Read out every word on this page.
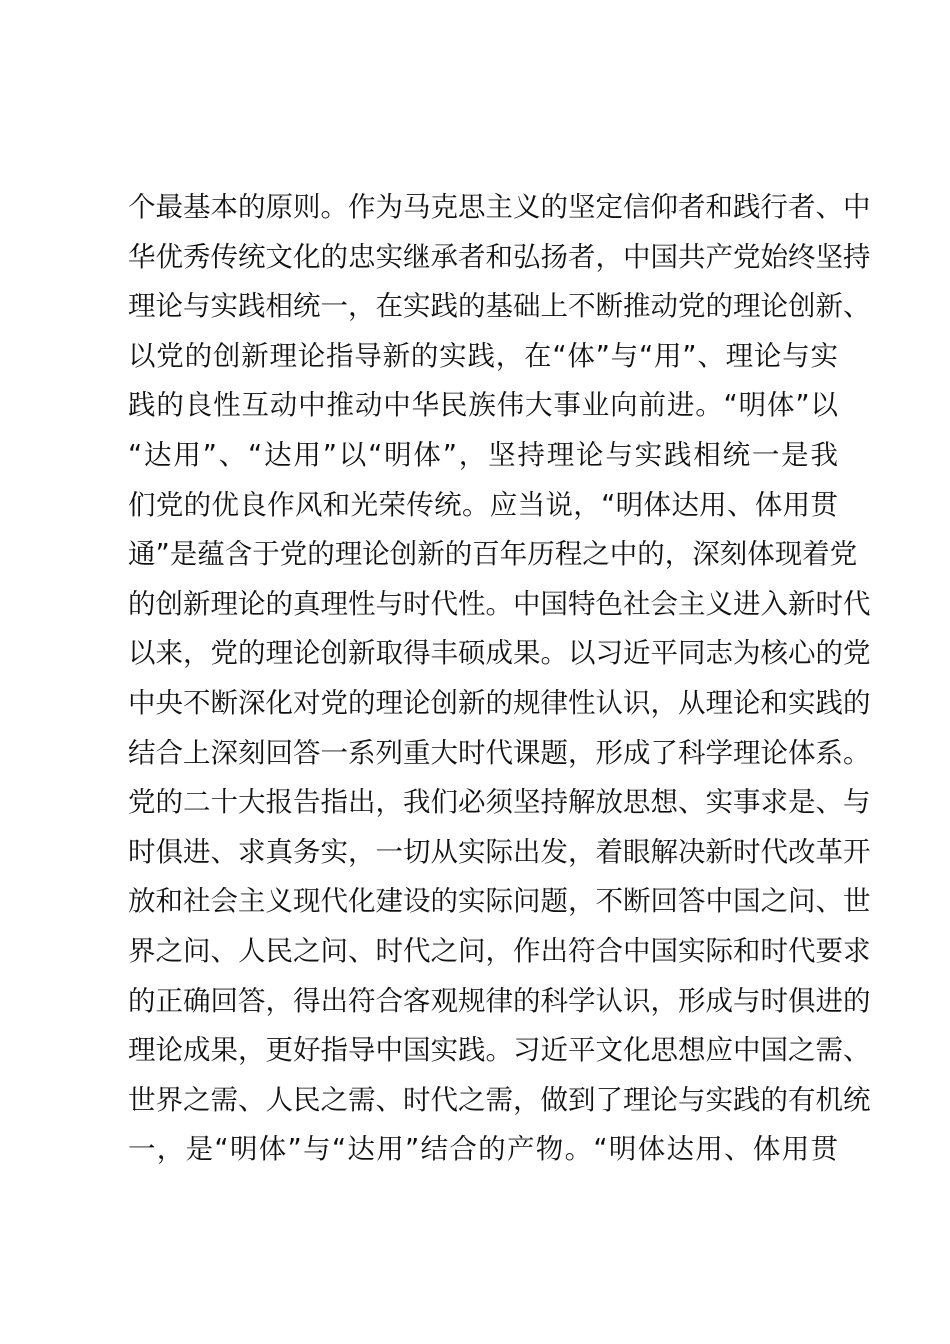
个最基本的原则。作为马克思主义的坚定信仰者和践行者、中
华优秀传统文化的忠实继承者和弘扬者，中国共产党始终坚持
理论与实践相统一，在实践的基础上不断推动党的理论创新、
以党的创新理论指导新的实践，在“体”与“用”、理论与实
践的良性互动中推动中华民族伟大事业向前进。“明体”以
“达用”、“达用”以“明体”，坚持理论与实践相统一是我
们党的优良作风和光荣传统。应当说，“明体达用、体用贯
通”是蕴含于党的理论创新的百年历程之中的，深刻体现着党
的创新理论的真理性与时代性。中国特色社会主义进入新时代
以来，党的理论创新取得丰硕成果。以习近平同志为核心的党
中央不断深化对党的理论创新的规律性认识，从理论和实践的
结合上深刻回答一系列重大时代课题，形成了科学理论体系。
党的二十大报告指出，我们必须坚持解放思想、实事求是、与
时俱进、求真务实，一切从实际出发，着眼解决新时代改革开
放和社会主义现代化建设的实际问题，不断回答中国之问、世
界之问、人民之问、时代之问，作出符合中国实际和时代要求
的正确回答，得出符合客观规律的科学认识，形成与时俱进的
理论成果，更好指导中国实践。习近平文化思想应中国之需、
世界之需、人民之需、时代之需，做到了理论与实践的有机统
一，是“明体”与“达用”结合的产物。“明体达用、体用贯
